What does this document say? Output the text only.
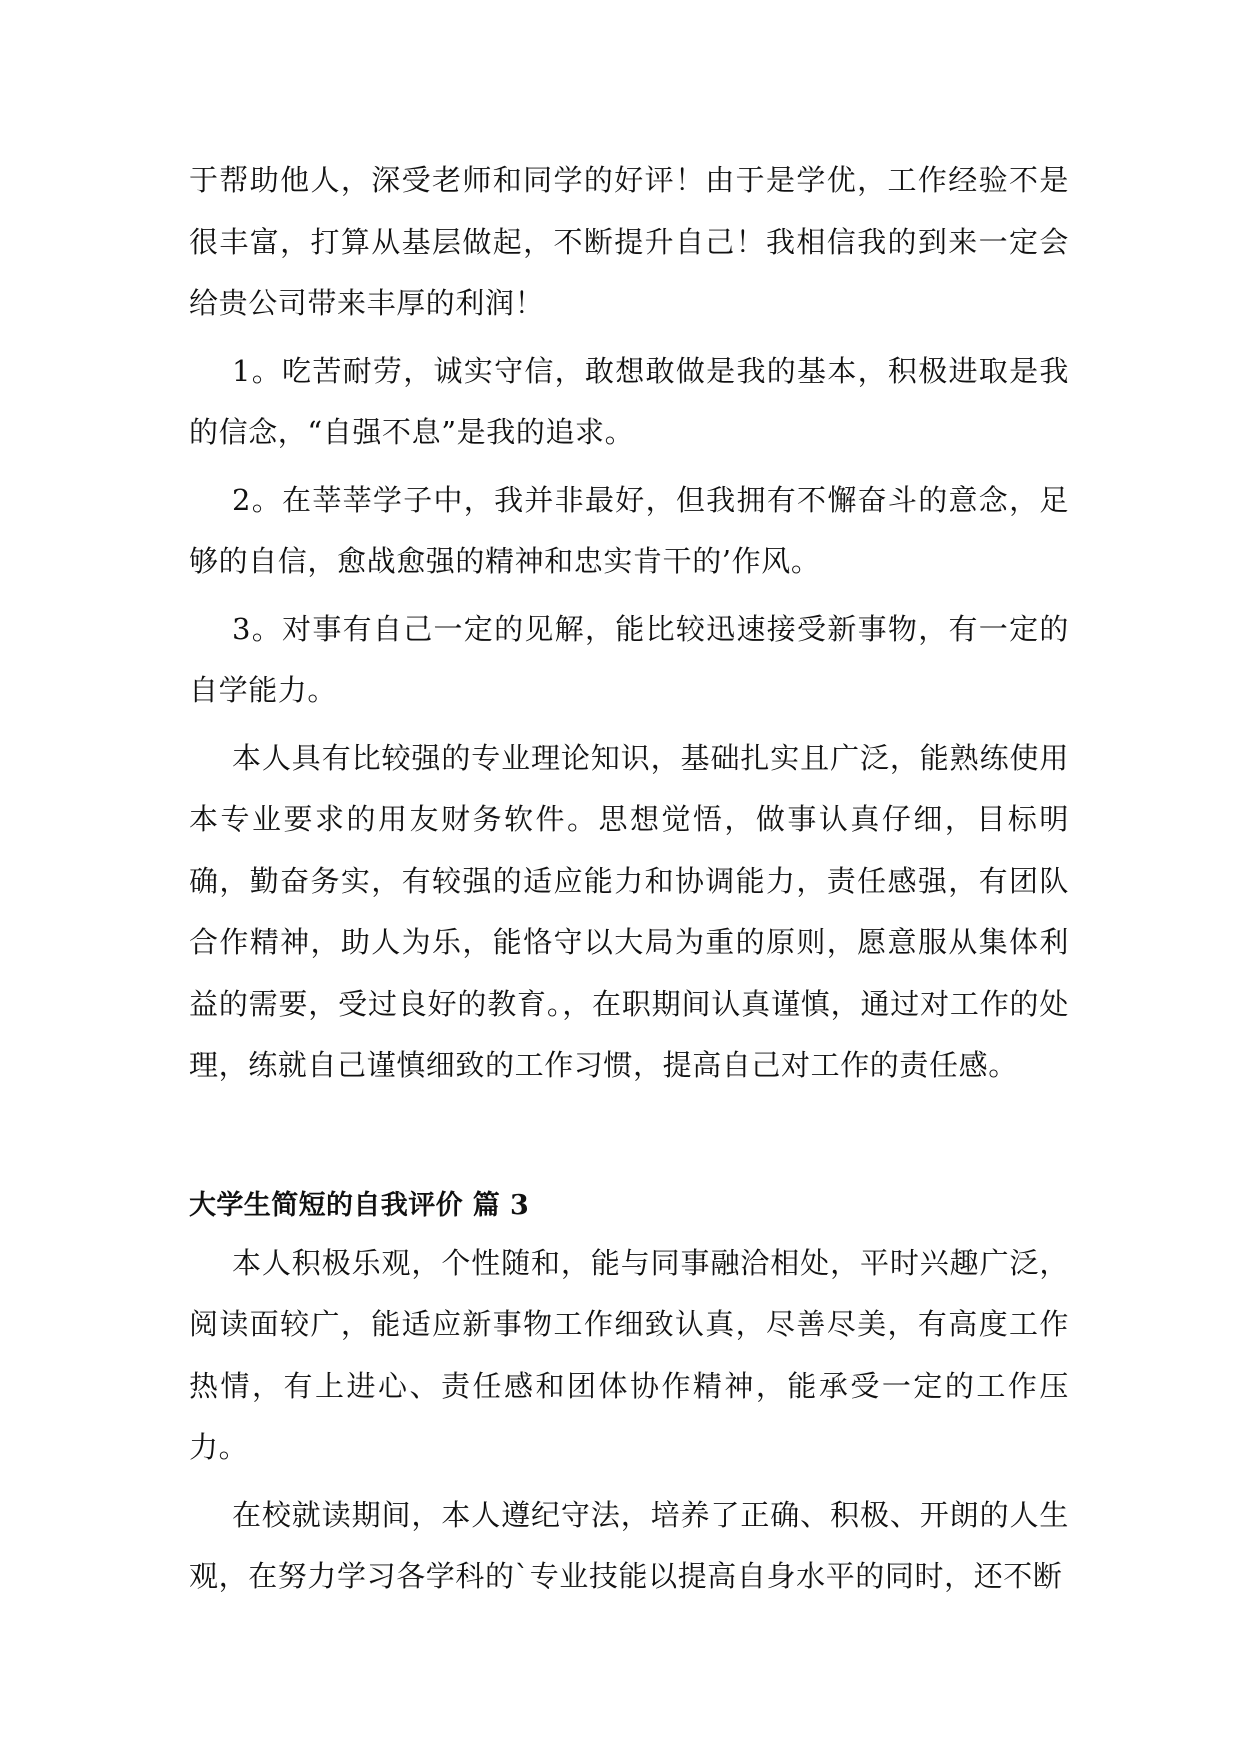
于帮助他人，深受老师和同学的好评！由于是学优，工作经验不是很丰富，打算从基层做起，不断提升自己！我相信我的到来一定会给贵公司带来丰厚的利润！

1。吃苦耐劳，诚实守信，敢想敢做是我的基本，积极进取是我的信念，“自强不息”是我的追求。

2。在莘莘学子中，我并非最好，但我拥有不懈奋斗的意念，足够的自信，愈战愈强的精神和忠实肯干的’作风。

3。对事有自己一定的见解，能比较迅速接受新事物，有一定的自学能力。

本人具有比较强的专业理论知识，基础扎实且广泛，能熟练使用本专业要求的用友财务软件。思想觉悟，做事认真仔细，目标明确，勤奋务实，有较强的适应能力和协调能力，责任感强，有团队合作精神，助人为乐，能恪守以大局为重的原则，愿意服从集体利益的需要，受过良好的教育。，在职期间认真谨慎，通过对工作的处理，练就自己谨慎细致的工作习惯，提高自己对工作的责任感。

大学生简短的自我评价 篇 3

本人积极乐观，个性随和，能与同事融洽相处，平时兴趣广泛，阅读面较广，能适应新事物工作细致认真，尽善尽美，有高度工作热情，有上进心、责任感和团体协作精神，能承受一定的工作压力。

在校就读期间，本人遵纪守法，培养了正确、积极、开朗的人生观，在努力学习各学科的`专业技能以提高自身水平的同时，还不断
